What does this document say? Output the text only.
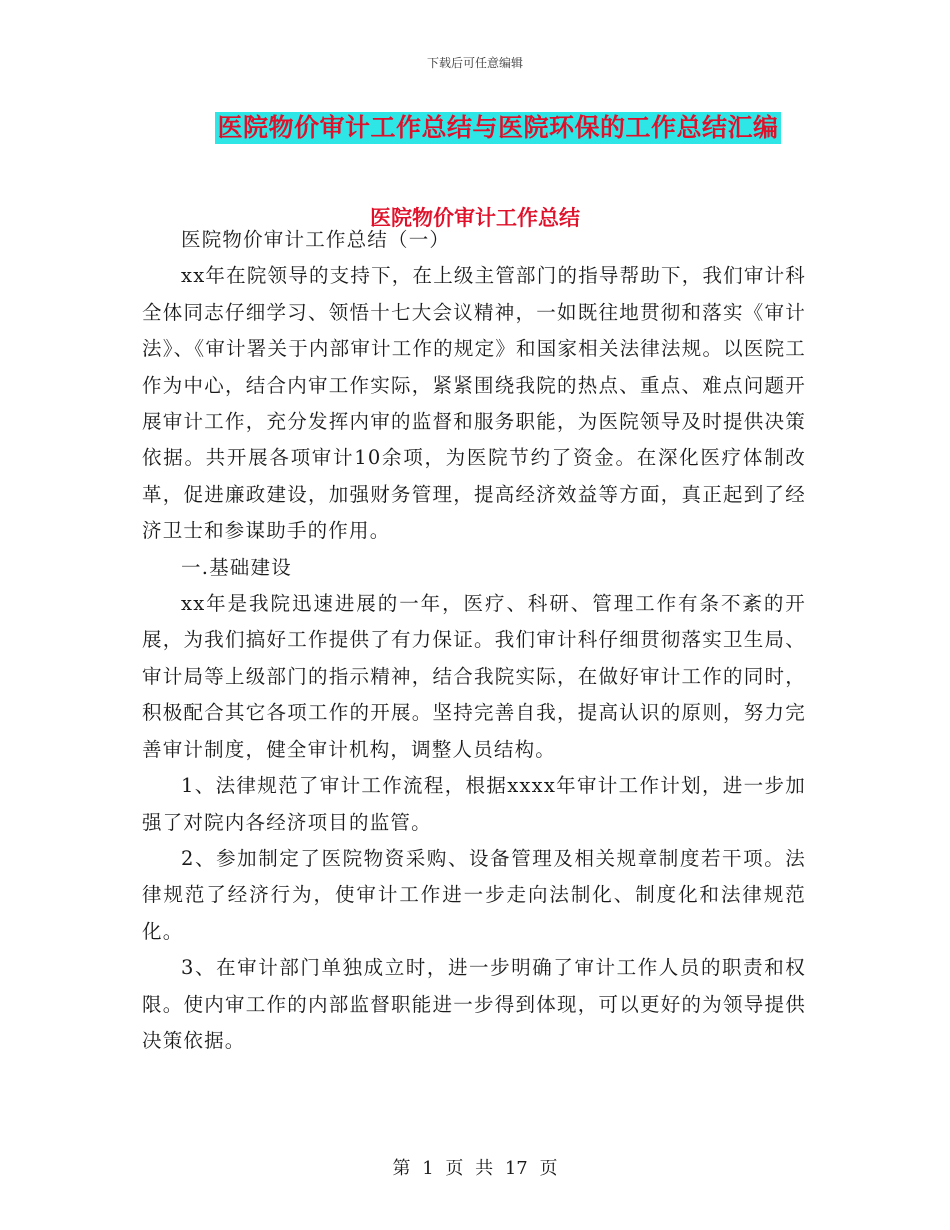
下载后可任意编辑
医院物价审计工作总结与医院环保的工作总结汇编
医院物价审计工作总结

医院物价审计工作总结（一）

xx年在院领导的支持下，在上级主管部门的指导帮助下，我们审计科全体同志仔细学习、领悟十七大会议精神，一如既往地贯彻和落实《审计法》、《审计署关于内部审计工作的规定》和国家相关法律法规。以医院工作为中心，结合内审工作实际，紧紧围绕我院的热点、重点、难点问题开展审计工作，充分发挥内审的监督和服务职能，为医院领导及时提供决策依据。共开展各项审计10余项，为医院节约了资金。在深化医疗体制改革，促进廉政建设，加强财务管理，提高经济效益等方面，真正起到了经济卫士和参谋助手的作用。

一.基础建设

xx年是我院迅速进展的一年，医疗、科研、管理工作有条不紊的开展，为我们搞好工作提供了有力保证。我们审计科仔细贯彻落实卫生局、审计局等上级部门的指示精神，结合我院实际，在做好审计工作的同时，积极配合其它各项工作的开展。坚持完善自我，提高认识的原则，努力完善审计制度，健全审计机构，调整人员结构。

1、法律规范了审计工作流程，根据xxxx年审计工作计划，进一步加强了对院内各经济项目的监管。

2、参加制定了医院物资采购、设备管理及相关规章制度若干项。法律规范了经济行为，使审计工作进一步走向法制化、制度化和法律规范化。

3、在审计部门单独成立时，进一步明确了审计工作人员的职责和权限。使内审工作的内部监督职能进一步得到体现，可以更好的为领导提供决策依据。

第 1 页 共 17 页
